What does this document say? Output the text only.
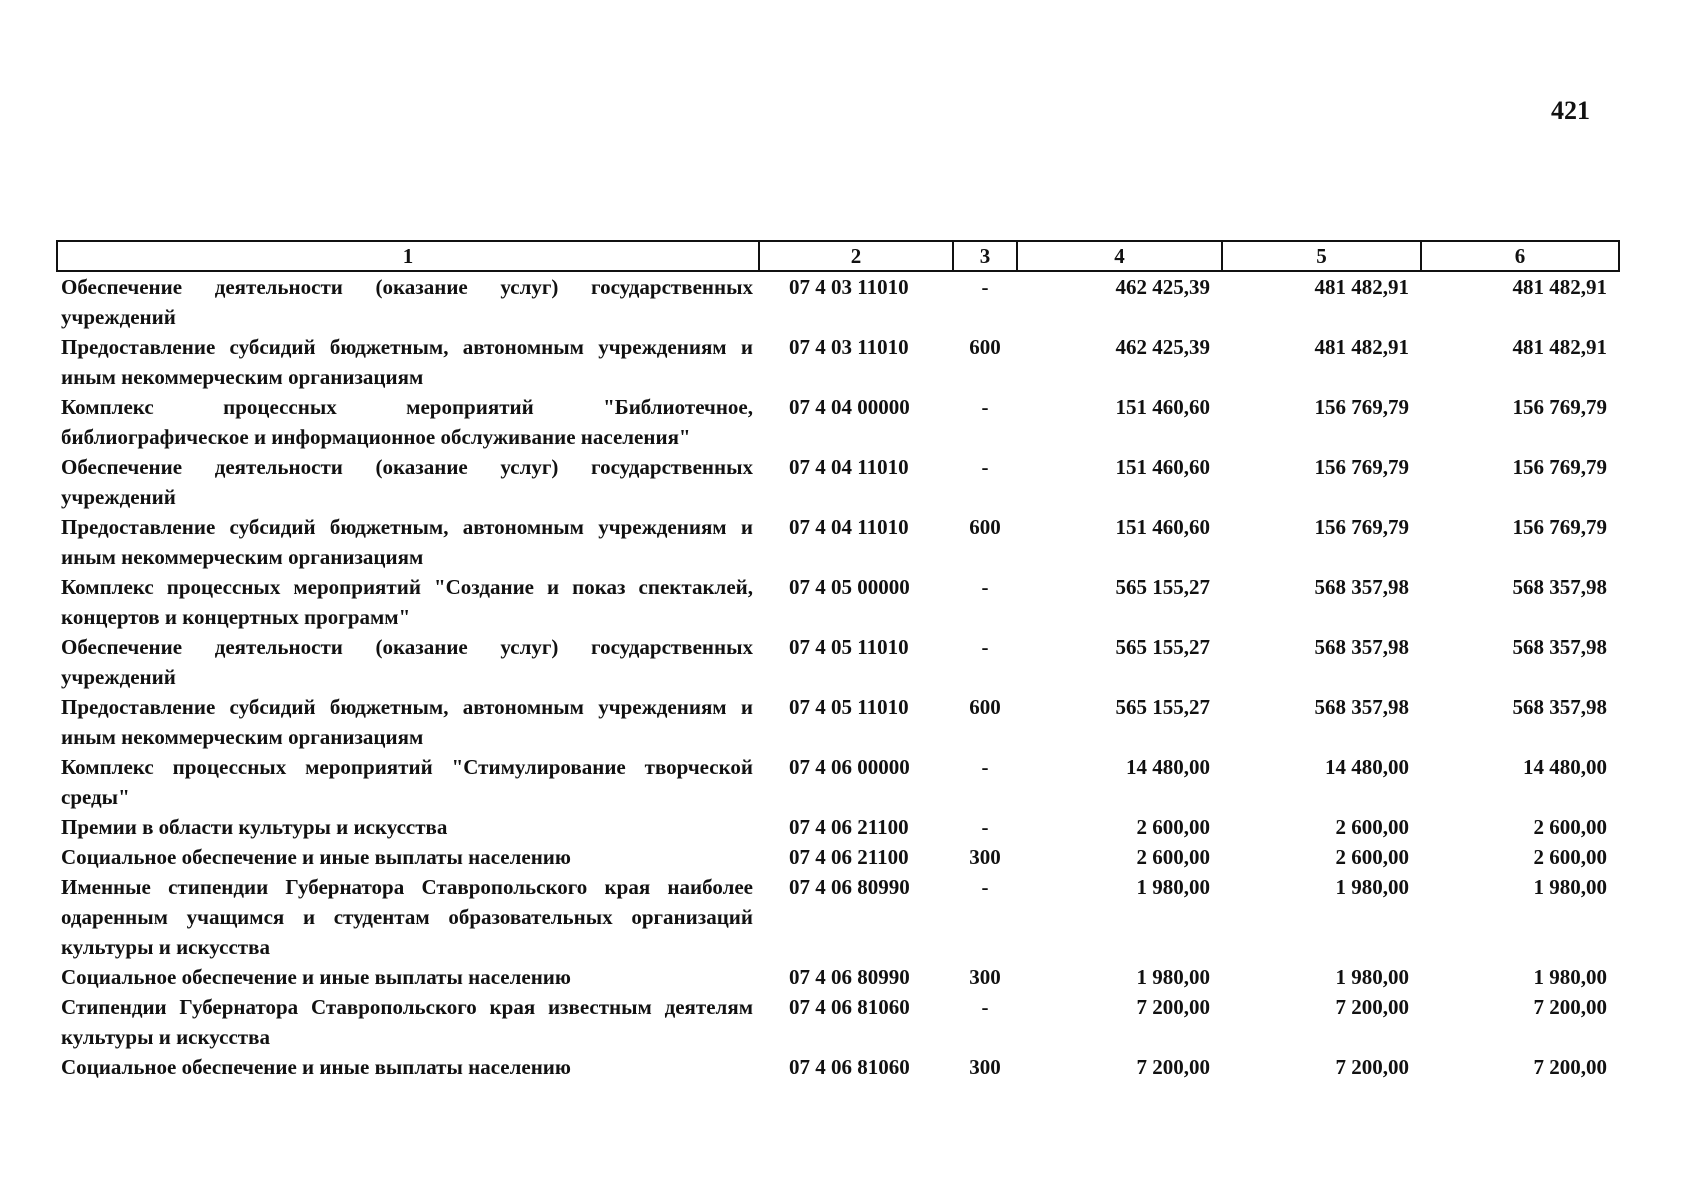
421
1	2	3	4	5	6
Обеспечение деятельности (оказание услуг) государственных учреждений	07 4 03 11010	-	462 425,39	481 482,91	481 482,91
Предоставление субсидий бюджетным, автономным учреждениям и иным некоммерческим организациям	07 4 03 11010	600	462 425,39	481 482,91	481 482,91
Комплекс процессных мероприятий "Библиотечное, библиографическое и информационное обслуживание населения"	07 4 04 00000	-	151 460,60	156 769,79	156 769,79
Обеспечение деятельности (оказание услуг) государственных учреждений	07 4 04 11010	-	151 460,60	156 769,79	156 769,79
Предоставление субсидий бюджетным, автономным учреждениям и иным некоммерческим организациям	07 4 04 11010	600	151 460,60	156 769,79	156 769,79
Комплекс процессных мероприятий "Создание и показ спектаклей, концертов и концертных программ"	07 4 05 00000	-	565 155,27	568 357,98	568 357,98
Обеспечение деятельности (оказание услуг) государственных учреждений	07 4 05 11010	-	565 155,27	568 357,98	568 357,98
Предоставление субсидий бюджетным, автономным учреждениям и иным некоммерческим организациям	07 4 05 11010	600	565 155,27	568 357,98	568 357,98
Комплекс процессных мероприятий "Стимулирование творческой среды"	07 4 06 00000	-	14 480,00	14 480,00	14 480,00
Премии в области культуры и искусства	07 4 06 21100	-	2 600,00	2 600,00	2 600,00
Социальное обеспечение и иные выплаты населению	07 4 06 21100	300	2 600,00	2 600,00	2 600,00
Именные стипендии Губернатора Ставропольского края наиболее одаренным учащимся и студентам образовательных организаций культуры и искусства	07 4 06 80990	-	1 980,00	1 980,00	1 980,00
Социальное обеспечение и иные выплаты населению	07 4 06 80990	300	1 980,00	1 980,00	1 980,00
Стипендии Губернатора Ставропольского края известным деятелям культуры и искусства	07 4 06 81060	-	7 200,00	7 200,00	7 200,00
Социальное обеспечение и иные выплаты населению	07 4 06 81060	300	7 200,00	7 200,00	7 200,00
